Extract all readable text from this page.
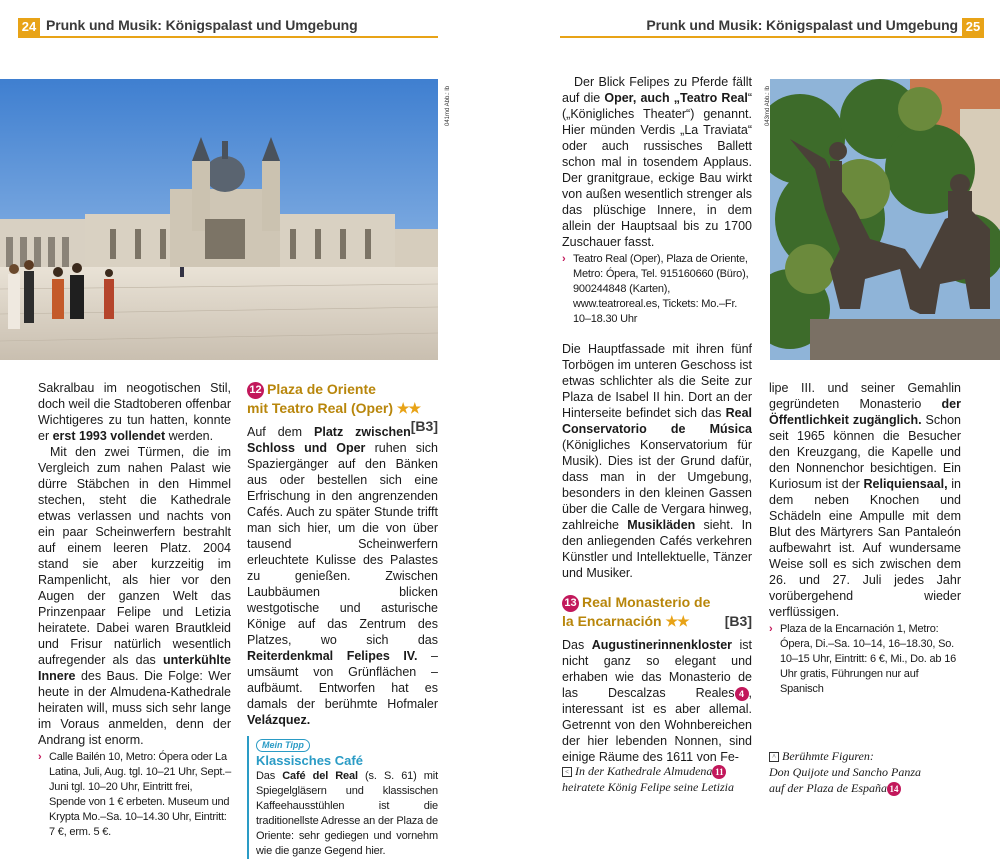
24 Prunk und Musik: Königspalast und Umgebung	Prunk und Musik: Königspalast und Umgebung 25
041md Abb.: lb	043md Abb.: lb

Sakralbau im neogotischen Stil, doch weil die Stadtoberen offenbar Wichtigeres zu tun hatten, konnte er erst 1993 vollendet werden.

Mit den zwei Türmen, die im Vergleich zum nahen Palast wie dürre Stäbchen in den Himmel stechen, steht die Kathedrale etwas verlassen und nachts von ein paar Scheinwerfern bestrahlt auf einem leeren Platz. 2004 stand sie aber kurzzeitig im Rampenlicht, als hier vor den Augen der ganzen Welt das Prinzenpaar Felipe und Letizia heiratete. Dabei waren Brautkleid und Frisur natürlich wesentlich aufregender als das unterkühlte Innere des Baus. Die Folge: Wer heute in der Almudena-Kathedrale heiraten will, muss sich sehr lange im Voraus anmelden, denn der Andrang ist enorm.

› Calle Bailén 10, Metro: Ópera oder La Latina, Juli, Aug. tgl. 10–21 Uhr, Sept.–Juni tgl. 10–20 Uhr, Eintritt frei, Spende von 1 € erbeten. Museum und Krypta Mo.–Sa. 10–14.30 Uhr, Eintritt: 7 €, erm. 5 €.
12 Plaza de Oriente
mit Teatro Real (Oper) ★★
[B3]

Auf dem Platz zwischen Schloss und Oper ruhen sich Spaziergänger auf den Bänken aus oder bestellen sich eine Erfrischung in den angrenzenden Cafés. Auch zu später Stunde trifft man sich hier, um die von über tausend Scheinwerfern erleuchtete Kulisse des Palastes zu genießen. Zwischen Laubbäumen blicken westgotische und asturische Könige auf das Zentrum des Platzes, wo sich das Reiterdenkmal Felipes IV. – umsäumt von Grünflächen – aufbäumt. Entworfen hat es damals der berühmte Hofmaler Velázquez.

Mein Tipp
Klassisches Café
Das Café del Real (s. S. 61) mit Spiegelgläsern und klassischen Kaffeehausstühlen ist die traditionellste Adresse an der Plaza de Oriente: sehr gediegen und vornehm wie die ganze Gegend hier.

Der Blick Felipes zu Pferde fällt auf die Oper, auch „Teatro Real“ („Königliches Theater“) genannt. Hier münden Verdis „La Traviata“ oder auch russisches Ballett schon mal in tosendem Applaus. Der granitgraue, eckige Bau wirkt von außen wesentlich strenger als das plüschige Innere, in dem allein der Hauptsaal bis zu 1700 Zuschauer fasst.

› Teatro Real (Oper), Plaza de Oriente, Metro: Ópera, Tel. 915160660 (Büro), 900244848 (Karten), www.teatroreal.es, Tickets: Mo.–Fr. 10–18.30 Uhr

Die Hauptfassade mit ihren fünf Torbögen im unteren Geschoss ist etwas schlichter als die Seite zur Plaza de Isabel II hin. Dort an der Hinterseite befindet sich das Real Conservatorio de Música (Königliches Konservatorium für Musik). Dies ist der Grund dafür, dass man in der Umgebung, besonders in den kleinen Gassen über die Calle de Vergara hinweg, zahlreiche Musikläden sieht. In den anliegenden Cafés verkehren Künstler und Intellektuelle, Tänzer und Musiker.

13 Real Monasterio de
la Encarnación ★★	[B3]

Das Augustinerinnenkloster ist nicht ganz so elegant und erhaben wie das Monasterio de las Descalzas Reales 4 , interessant ist es aber allemal. Getrennt von den Wohnbereichen der hier lebenden Nonnen, sind einige Räume des 1611 von Fe-

< In der Kathedrale Almudena 11
heiratete König Felipe seine Letizia

lipe III. und seiner Gemahlin gegründeten Monasterio der Öffentlichkeit zugänglich. Schon seit 1965 können die Besucher den Kreuzgang, die Kapelle und den Nonnenchor besichtigen. Ein Kuriosum ist der Reliquiensaal, in dem neben Knochen und Schädeln eine Ampulle mit dem Blut des Märtyrers San Pantaleón aufbewahrt ist. Auf wundersame Weise soll es sich zwischen dem 26. und 27. Juli jedes Jahr vorübergehend wieder verflüssigen.

› Plaza de la Encarnación 1, Metro: Ópera, Di.–Sa. 10–14, 16–18.30, So. 10–15 Uhr, Eintritt: 6 €, Mi., Do. ab 16 Uhr gratis, Führungen nur auf Spanisch
^ Berühmte Figuren:
Don Quijote und Sancho Panza
auf der Plaza de España 14
